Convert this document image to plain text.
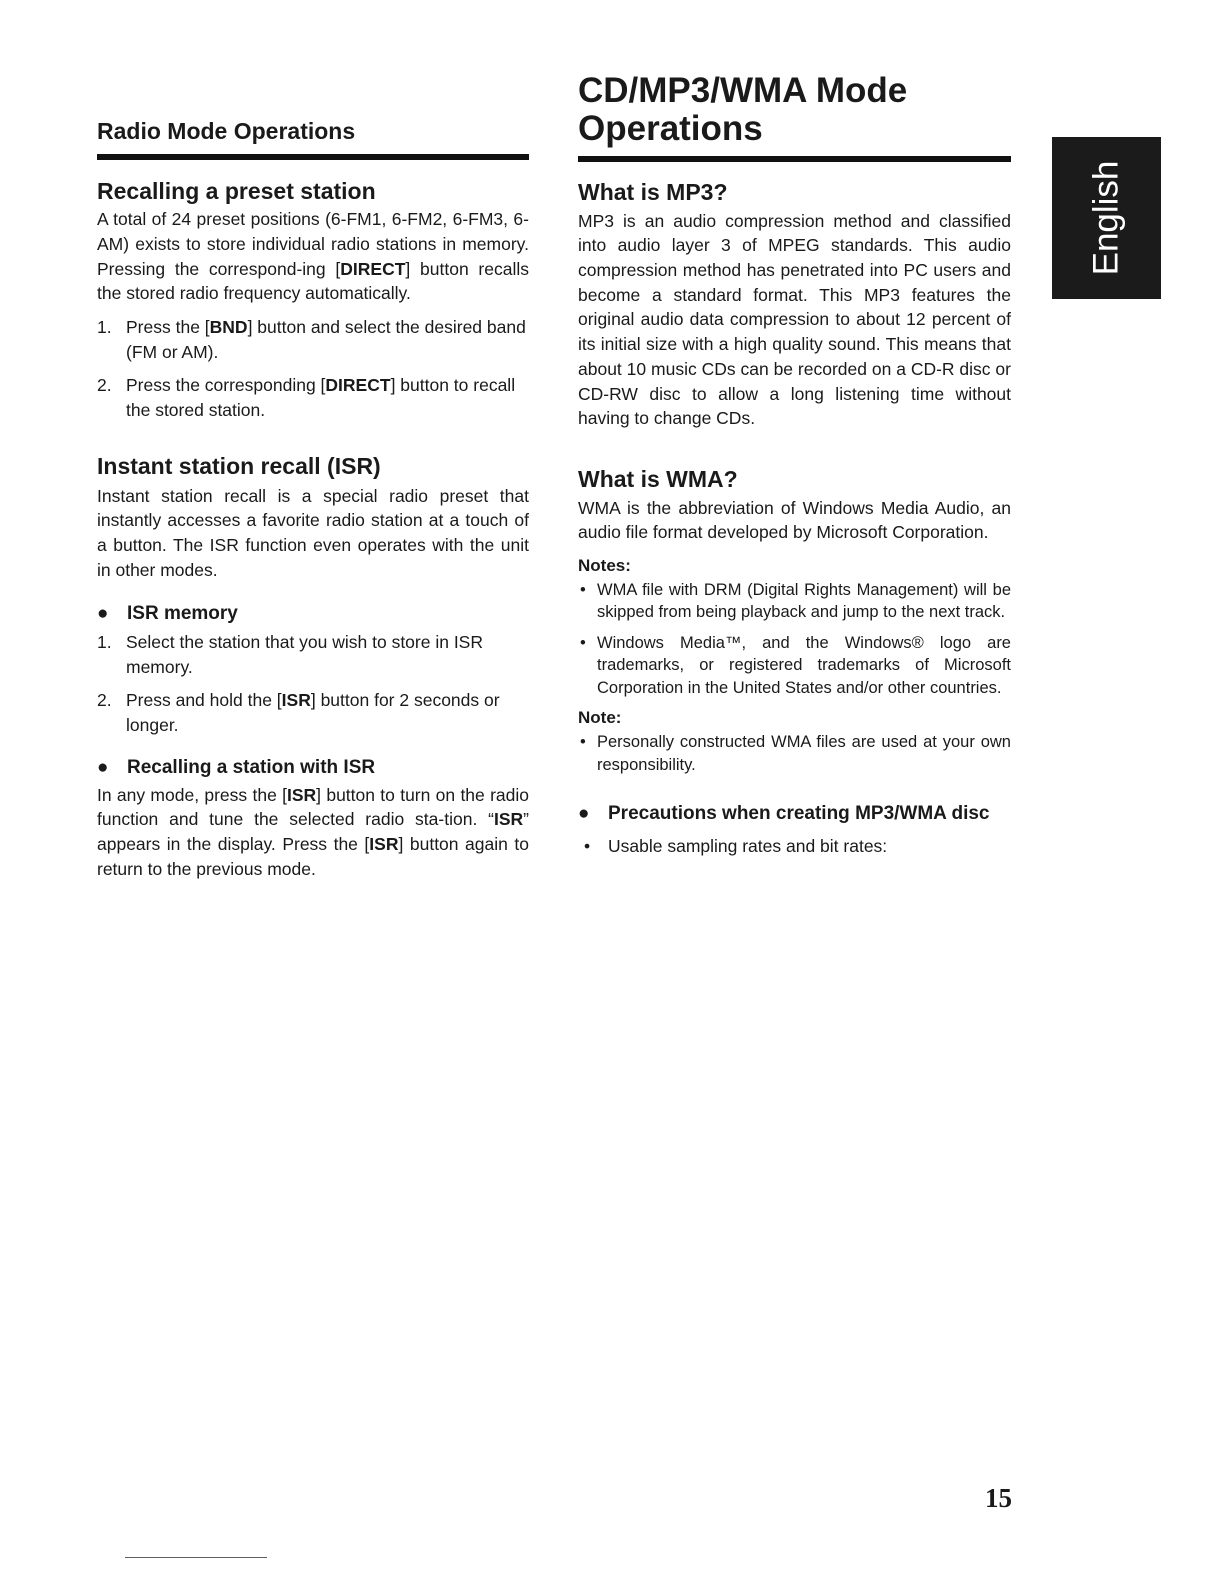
Radio Mode Operations
Recalling a preset station

A total of 24 preset positions (6-FM1, 6-FM2, 6-FM3, 6-AM) exists to store individual radio stations in memory. Pressing the correspond-ing [DIRECT] button recalls the stored radio frequency automatically.

1. Press the [BND] button and select the desired band (FM or AM).
2. Press the corresponding [DIRECT] button to recall the stored station.
Instant station recall (ISR)

Instant station recall is a special radio preset that instantly accesses a favorite radio station at a touch of a button. The ISR function even operates with the unit in other modes.

● ISR memory
1. Select the station that you wish to store in ISR memory.
2. Press and hold the [ISR] button for 2 seconds or longer.
● Recalling a station with ISR

In any mode, press the [ISR] button to turn on the radio function and tune the selected radio sta-tion. “ISR” appears in the display. Press the [ISR] button again to return to the previous mode.

CD/MP3/WMA Mode
Operations
What is MP3?

MP3 is an audio compression method and classified into audio layer 3 of MPEG standards. This audio compression method has penetrated into PC users and become a standard format. This MP3 features the original audio data compression to about 12 percent of its initial size with a high quality sound. This means that about 10 music CDs can be recorded on a CD-R disc or CD-RW disc to allow a long listening time without having to change CDs.

What is WMA?

WMA is the abbreviation of Windows Media Audio, an audio file format developed by Microsoft Corporation.

Notes:
• WMA file with DRM (Digital Rights Management) will be skipped from being playback and jump to the next track.
• Windows Media™, and the Windows® logo are trademarks, or registered trademarks of Microsoft Corporation in the United States and/or other countries.
Note:
• Personally constructed WMA files are used at your own responsibility.
● Precautions when creating MP3/WMA disc
• Usable sampling rates and bit rates:
English
15
